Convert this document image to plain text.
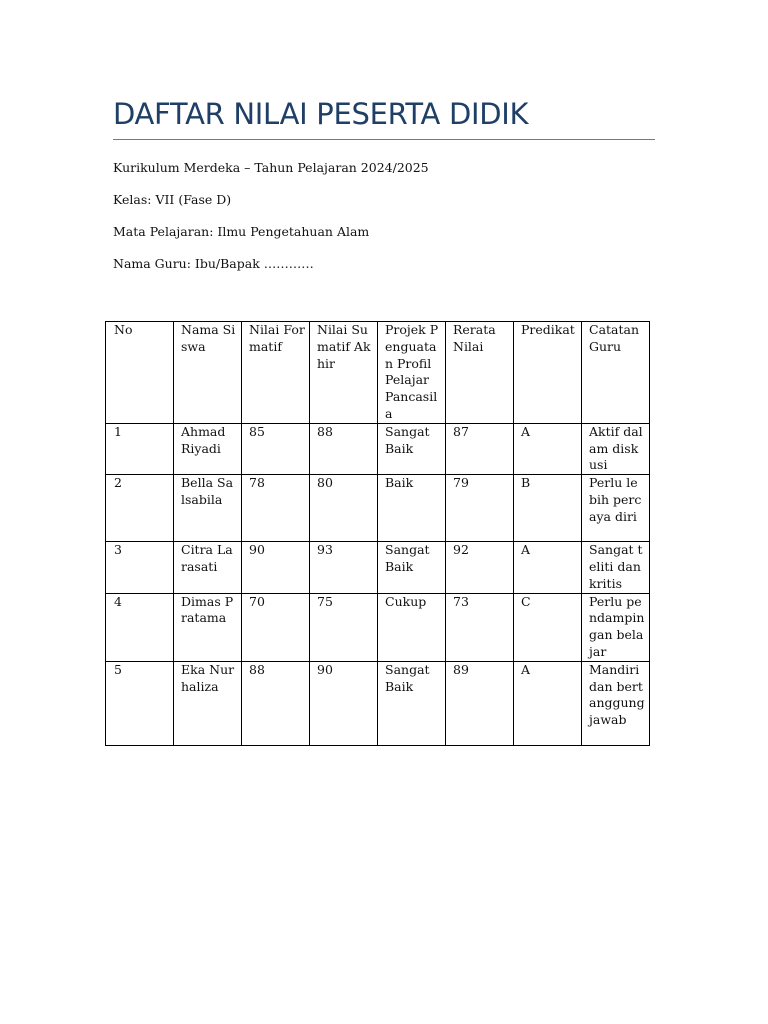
DAFTAR NILAI PESERTA DIDIK
Kurikulum Merdeka – Tahun Pelajaran 2024/2025
Kelas: VII (Fase D)
Mata Pelajaran: Ilmu Pengetahuan Alam
Nama Guru: Ibu/Bapak …………
No	Nama Siswa	Nilai Formatif	Nilai Sumatif Akhir	Projek Penguatan Profil Pelajar Pancasila	Rerata Nilai	Predikat	Catatan Guru
1	Ahmad Riyadi	85	88	Sangat Baik	87	A	Aktif dalam diskusi
2	Bella Salsabila	78	80	Baik	79	B	Perlu lebih percaya diri
3	Citra Larasati	90	93	Sangat Baik	92	A	Sangat teliti dan kritis
4	Dimas Pratama	70	75	Cukup	73	C	Perlu pendampingan belajar
5	Eka Nurhaliza	88	90	Sangat Baik	89	A	Mandiri dan bertanggung jawab
